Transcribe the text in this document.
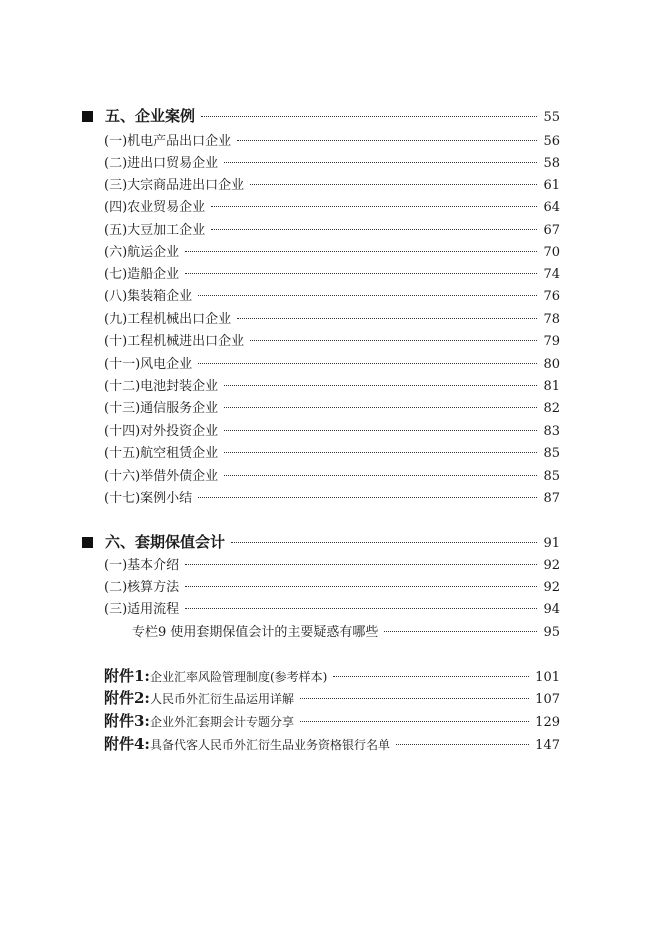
五、企业案例	55
(一)机电产品出口企业	56
(二)进出口贸易企业	58
(三)大宗商品进出口企业	61
(四)农业贸易企业	64
(五)大豆加工企业	67
(六)航运企业	70
(七)造船企业	74
(八)集装箱企业	76
(九)工程机械出口企业	78
(十)工程机械进出口企业	79
(十一)风电企业	80
(十二)电池封装企业	81
(十三)通信服务企业	82
(十四)对外投资企业	83
(十五)航空租赁企业	85
(十六)举借外债企业	85
(十七)案例小结	87
六、套期保值会计	91
(一)基本介绍	92
(二)核算方法	92
(三)适用流程	94
专栏9 使用套期保值会计的主要疑惑有哪些	95
附件1:企业汇率风险管理制度(参考样本)	101
附件2:人民币外汇衍生品运用详解	107
附件3:企业外汇套期会计专题分享	129
附件4:具备代客人民币外汇衍生品业务资格银行名单	147
